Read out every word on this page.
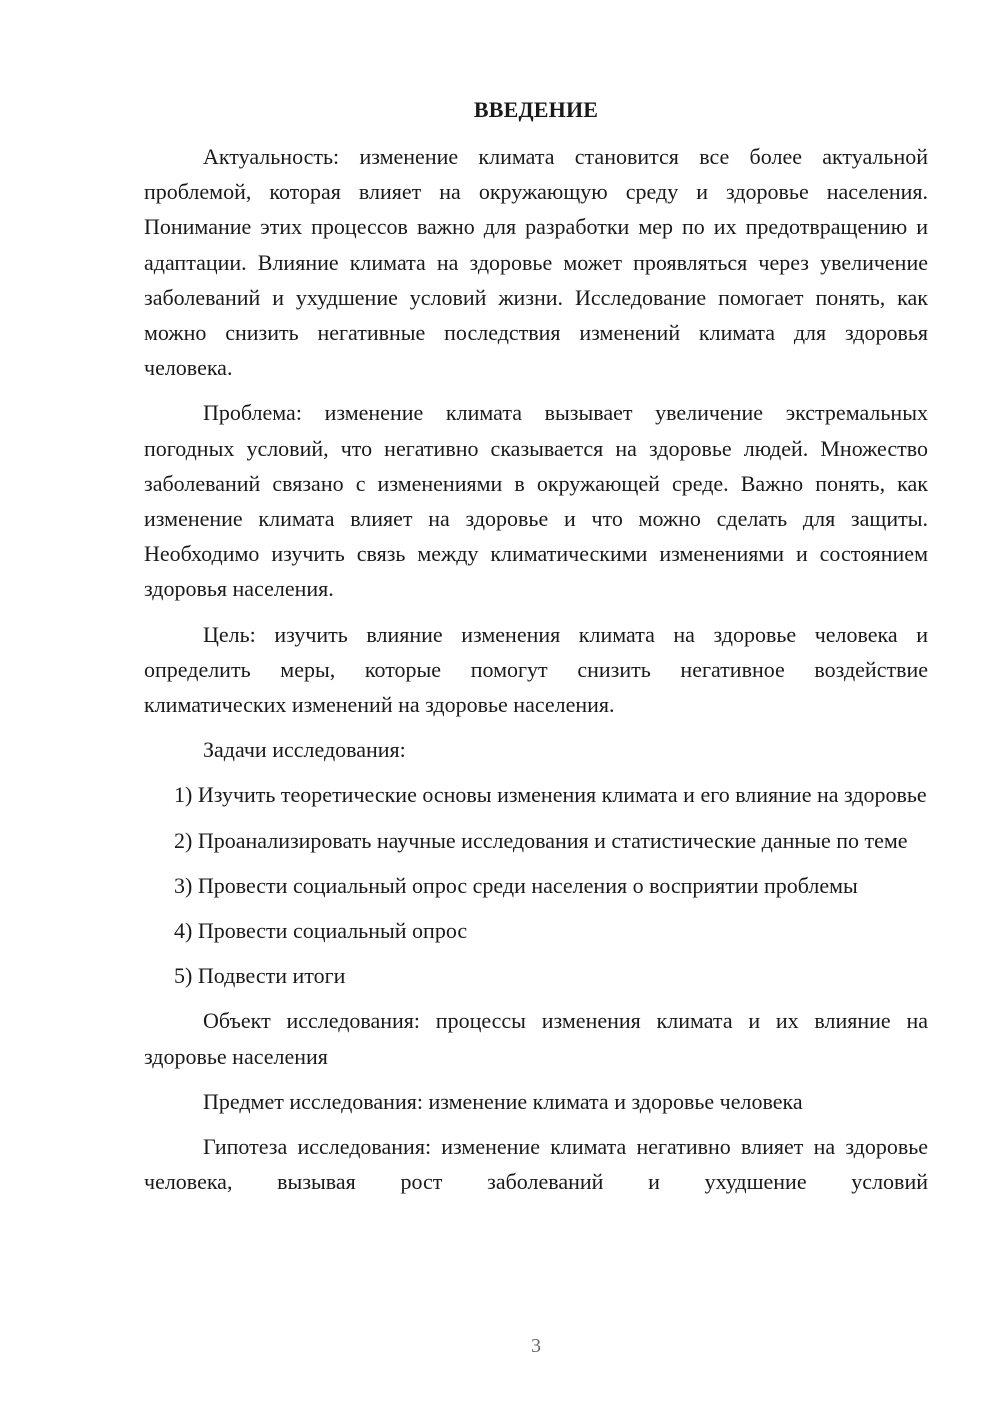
ВВЕДЕНИЕ

Актуальность: изменение климата становится все более актуальной проблемой, которая влияет на окружающую среду и здоровье населения. Понимание этих процессов важно для разработки мер по их предотвращению и адаптации. Влияние климата на здоровье может проявляться через увеличение заболеваний и ухудшение условий жизни. Исследование помогает понять, как можно снизить негативные последствия изменений климата для здоровья человека.

Проблема: изменение климата вызывает увеличение экстремальных погодных условий, что негативно сказывается на здоровье людей. Множество заболеваний связано с изменениями в окружающей среде. Важно понять, как изменение климата влияет на здоровье и что можно сделать для защиты. Необходимо изучить связь между климатическими изменениями и состоянием здоровья населения.

Цель: изучить влияние изменения климата на здоровье человека и определить меры, которые помогут снизить негативное воздействие климатических изменений на здоровье населения.

Задачи исследования:

1) Изучить теоретические основы изменения климата и его влияние на здоровье

2) Проанализировать научные исследования и статистические данные по теме

3) Провести социальный опрос среди населения о восприятии проблемы

4) Провести социальный опрос

5) Подвести итоги

Объект исследования: процессы изменения климата и их влияние на здоровье населения

Предмет исследования: изменение климата и здоровье человека

Гипотеза исследования: изменение климата негативно влияет на здоровье человека, вызывая рост заболеваний и ухудшение условий

3
